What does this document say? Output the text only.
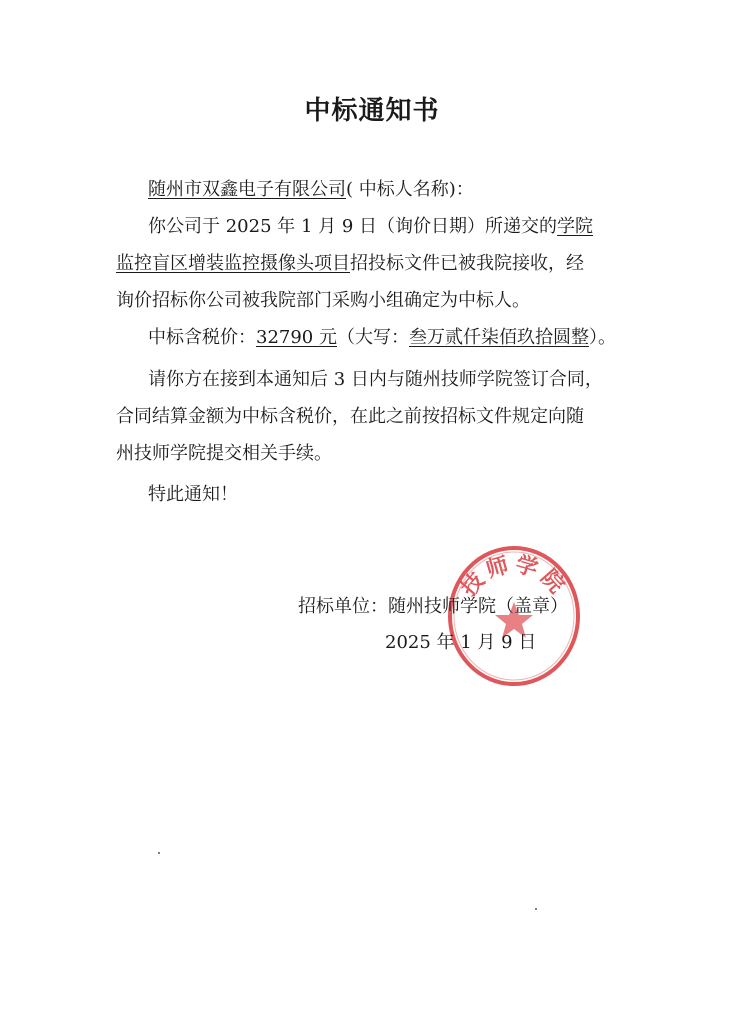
中标通知书

随州市双鑫电子有限公司( 中标人名称)：

你公司于 2025 年 1 月 9 日（询价日期）所递交的学院

监控盲区增装监控摄像头项目招投标文件已被我院接收，经

询价招标你公司被我院部门采购小组确定为中标人。

中标含税价：32790 元（大写：叁万贰仟柒佰玖拾圆整）。

请你方在接到本通知后 3 日内与随州技师学院签订合同，

合同结算金额为中标含税价，在此之前按招标文件规定向随

州技师学院提交相关手续。

特此通知！

技师学院

招标单位：随州技师学院（盖章）

2025 年 1 月 9 日
